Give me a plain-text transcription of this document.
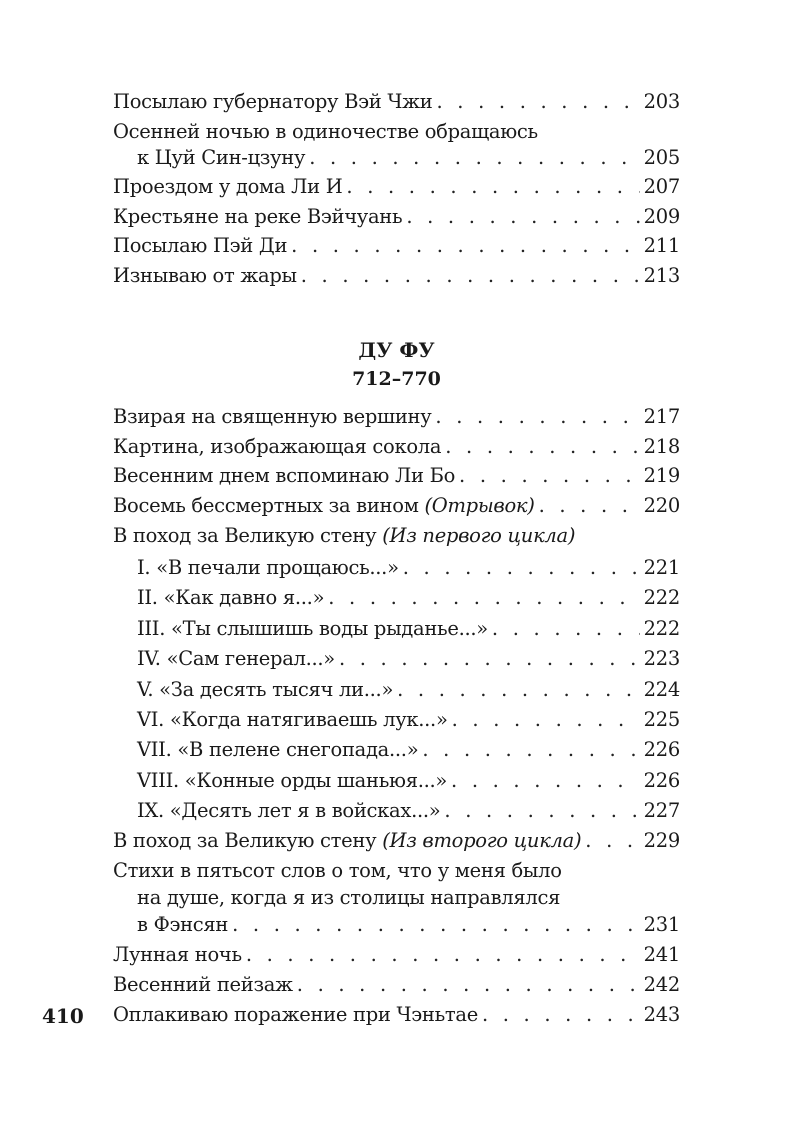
Посылаю губернатору Вэй Чжи . . .	203
Осенней ночью в одиночестве обращаюсь
к Цуй Син-цзуну . . .	205
Проездом у дома Ли И . . .	207
Крестьяне на реке Вэйчуань . . .	209
Посылаю Пэй Ди . . .	211
Изнываю от жары . . .	213
ДУ ФУ
712–770
Взирая на священную вершину . . .	217
Картина, изображающая сокола . . .	218
Весенним днем вспоминаю Ли Бо . . .	219
Восемь бессмертных за вином (Отрывок) . . .	220
В поход за Великую стену (Из первого цикла)
I. «В печали прощаюсь...» . . .	221
II. «Как давно я...» . . .	222
III. «Ты слышишь воды рыданье...» . . .	222
IV. «Сам генерал...» . . .	223
V. «За десять тысяч ли...» . . .	224
VI. «Когда натягиваешь лук...» . . .	225
VII. «В пелене снегопада...» . . .	226
VIII. «Конные орды шаньюя...» . . .	226
IX. «Десять лет я в войсках...» . . .	227
В поход за Великую стену (Из второго цикла) . . .	229
Стихи в пятьсот слов о том, что у меня было
на душе, когда я из столицы направлялся
в Фэнсян . . .	231
Лунная ночь . . .	241
Весенний пейзаж . . .	242
Оплакиваю поражение при Чэньтае . . .	243
410
